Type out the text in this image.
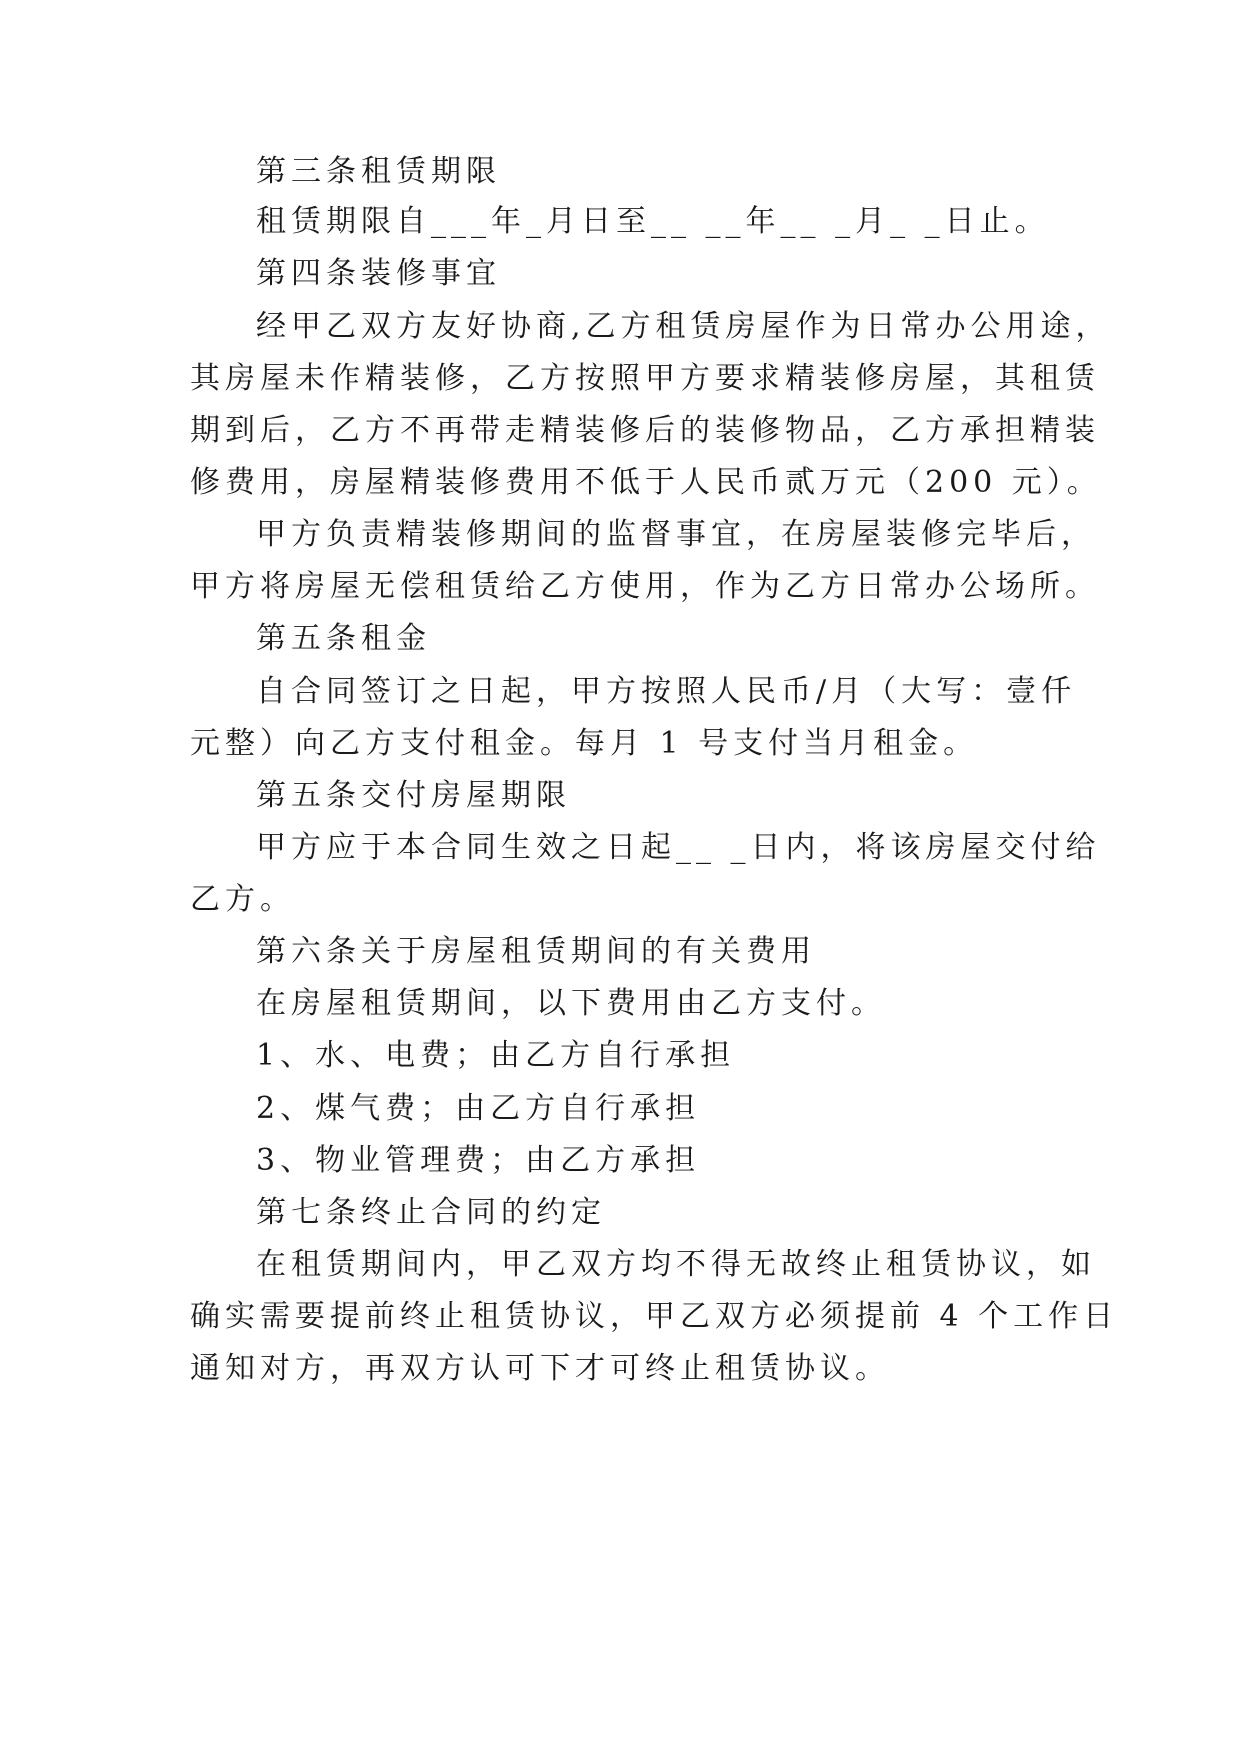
第三条租赁期限
租赁期限自___年_月日至__ __年__ _月_ _日止。
第四条装修事宜
经甲乙双方友好协商,乙方租赁房屋作为日常办公用途，
其房屋未作精装修，乙方按照甲方要求精装修房屋，其租赁
期到后，乙方不再带走精装修后的装修物品，乙方承担精装
修费用，房屋精装修费用不低于人民币贰万元（200 元）。
甲方负责精装修期间的监督事宜，在房屋装修完毕后，
甲方将房屋无偿租赁给乙方使用，作为乙方日常办公场所。
第五条租金
自合同签订之日起，甲方按照人民币/月（大写：壹仟
元整）向乙方支付租金。每月 1 号支付当月租金。
第五条交付房屋期限
甲方应于本合同生效之日起__ _日内，将该房屋交付给
乙方。
第六条关于房屋租赁期间的有关费用
在房屋租赁期间，以下费用由乙方支付。
1、水、电费；由乙方自行承担
2、煤气费；由乙方自行承担
3、物业管理费；由乙方承担
第七条终止合同的约定
在租赁期间内，甲乙双方均不得无故终止租赁协议，如
确实需要提前终止租赁协议，甲乙双方必须提前 4 个工作日
通知对方，再双方认可下才可终止租赁协议。
